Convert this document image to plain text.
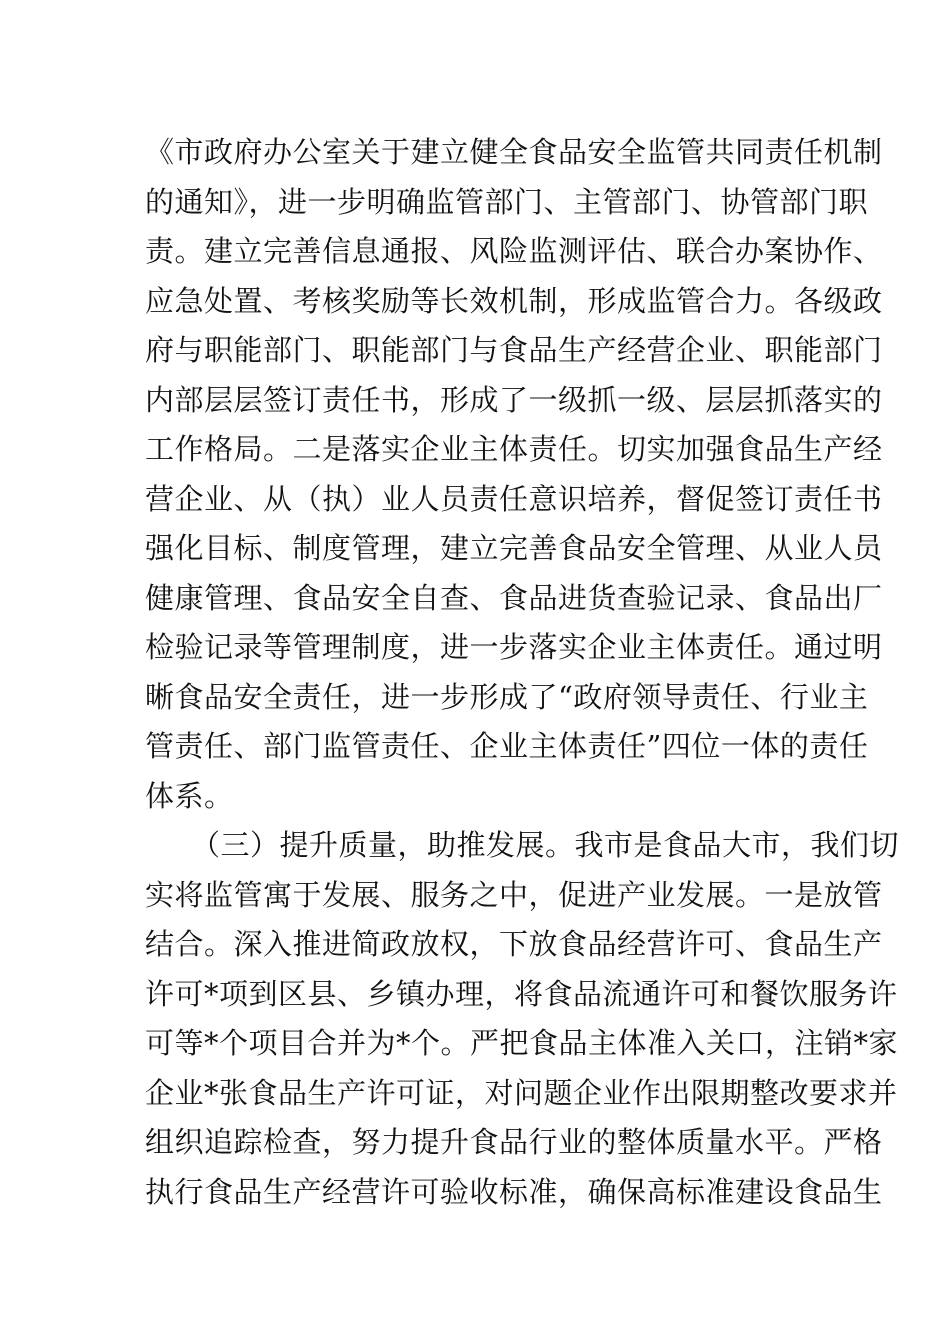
《市政府办公室关于建立健全食品安全监管共同责任机制
的通知》，进一步明确监管部门、主管部门、协管部门职
责。建立完善信息通报、风险监测评估、联合办案协作、
应急处置、考核奖励等长效机制，形成监管合力。各级政
府与职能部门、职能部门与食品生产经营企业、职能部门
内部层层签订责任书，形成了一级抓一级、层层抓落实的
工作格局。二是落实企业主体责任。切实加强食品生产经
营企业、从（执）业人员责任意识培养，督促签订责任书
强化目标、制度管理，建立完善食品安全管理、从业人员
健康管理、食品安全自查、食品进货查验记录、食品出厂
检验记录等管理制度，进一步落实企业主体责任。通过明
晰食品安全责任，进一步形成了“政府领导责任、行业主
管责任、部门监管责任、企业主体责任”四位一体的责任
体系。
（三）提升质量，助推发展。我市是食品大市，我们切
实将监管寓于发展、服务之中，促进产业发展。一是放管
结合。深入推进简政放权，下放食品经营许可、食品生产
许可*项到区县、乡镇办理，将食品流通许可和餐饮服务许
可等*个项目合并为*个。严把食品主体准入关口，注销*家
企业*张食品生产许可证，对问题企业作出限期整改要求并
组织追踪检查，努力提升食品行业的整体质量水平。严格
执行食品生产经营许可验收标准，确保高标准建设食品生
